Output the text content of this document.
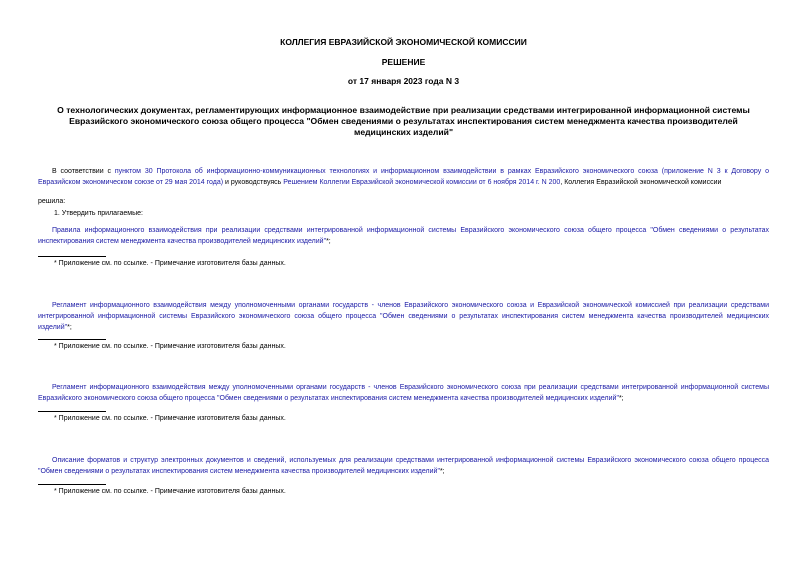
КОЛЛЕГИЯ ЕВРАЗИЙСКОЙ ЭКОНОМИЧЕСКОЙ КОМИССИИ
РЕШЕНИЕ
от 17 января 2023 года N 3
О технологических документах, регламентирующих информационное взаимодействие при реализации средствами интегрированной информационной системы Евразийского экономического союза общего процесса "Обмен сведениями о результатах инспектирования систем менеджмента качества производителей медицинских изделий"
В соответствии с пунктом 30 Протокола об информационно-коммуникационных технологиях и информационном взаимодействии в рамках Евразийского экономического союза (приложение N 3 к Договору о Евразийском экономическом союзе от 29 мая 2014 года) и руководствуясь Решением Коллегии Евразийской экономической комиссии от 6 ноября 2014 г. N 200, Коллегия Евразийской экономической комиссии
решила:
1. Утвердить прилагаемые:
Правила информационного взаимодействия при реализации средствами интегрированной информационной системы Евразийского экономического союза общего процесса "Обмен сведениями о результатах инспектирования систем менеджмента качества производителей медицинских изделий"*;
* Приложение см. по ссылке. - Примечание изготовителя базы данных.
Регламент информационного взаимодействия между уполномоченными органами государств - членов Евразийского экономического союза и Евразийской экономической комиссией при реализации средствами интегрированной информационной системы Евразийского экономического союза общего процесса "Обмен сведениями о результатах инспектирования систем менеджмента качества производителей медицинских изделий"*;
* Приложение см. по ссылке. - Примечание изготовителя базы данных.
Регламент информационного взаимодействия между уполномоченными органами государств - членов Евразийского экономического союза при реализации средствами интегрированной информационной системы Евразийского экономического союза общего процесса "Обмен сведениями о результатах инспектирования систем менеджмента качества производителей медицинских изделий"*;
* Приложение см. по ссылке. - Примечание изготовителя базы данных.
Описание форматов и структур электронных документов и сведений, используемых для реализации средствами интегрированной информационной системы Евразийского экономического союза общего процесса "Обмен сведениями о результатах инспектирования систем менеджмента качества производителей медицинских изделий"*;
* Приложение см. по ссылке. - Примечание изготовителя базы данных.
